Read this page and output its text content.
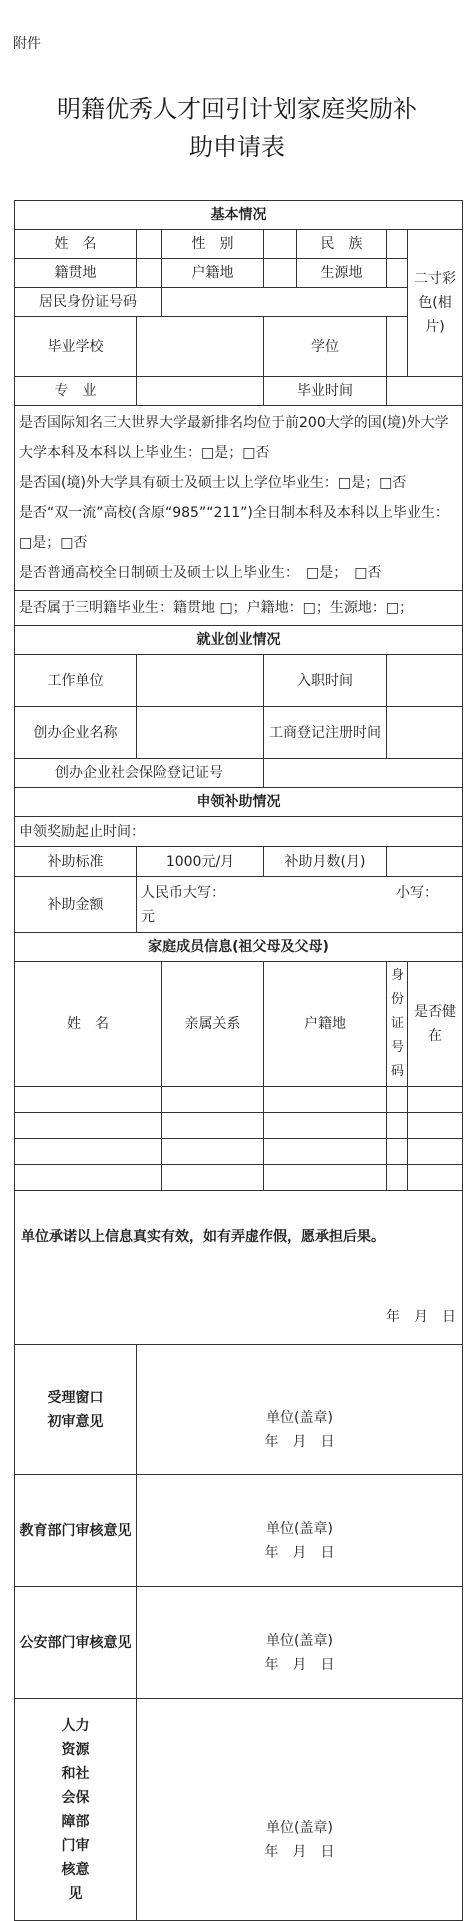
附件
明籍优秀人才回引计划家庭奖励补
助申请表
基本情况						
姓　名		性　别		民　族		二寸彩色(相片)
籍贯地		户籍地		生源地		
居民身份证号码						
毕业学校			学位			
专　业			毕业时间			

是否国际知名三大世界大学最新排名均位于前200大学的国(境)外大学大学本科及本科以上毕业生：□是；□否
是否国(境)外大学具有硕士及硕士以上学位毕业生：□是；□否
是否“双一流”高校(含原“985”“211”)全日制本科及本科以上毕业生：□是；□否
是否普通高校全日制硕士及硕士以上毕业生：　□是；　□否						

是否属于三明籍毕业生：籍贯地 □；户籍地：□；生源地：□；						
就业创业情况						
工作单位			入职时间			
创办企业名称			工商登记注册时间			
创办企业社会保险登记证号						
申领补助情况						
申领奖励起止时间：						
补助标准	1000元/月		补助月数(月)			
补助金额	人民币大写： 小写：
元					

家庭成员信息(祖父母及父母)						
姓　名		亲属关系	户籍地		身份证号码	是否健在

单位承诺以上信息真实有效，如有弄虚作假，愿承担后果。
年　月　日						

受理窗口初审意见	单位(盖章)
年　月　日					

教育部门审核意见	单位(盖章)
年　月　日					

公安部门审核意见	单位(盖章)
年　月　日					

人力资源和社会保障部门审核意见	单位(盖章)
年　月　日					
